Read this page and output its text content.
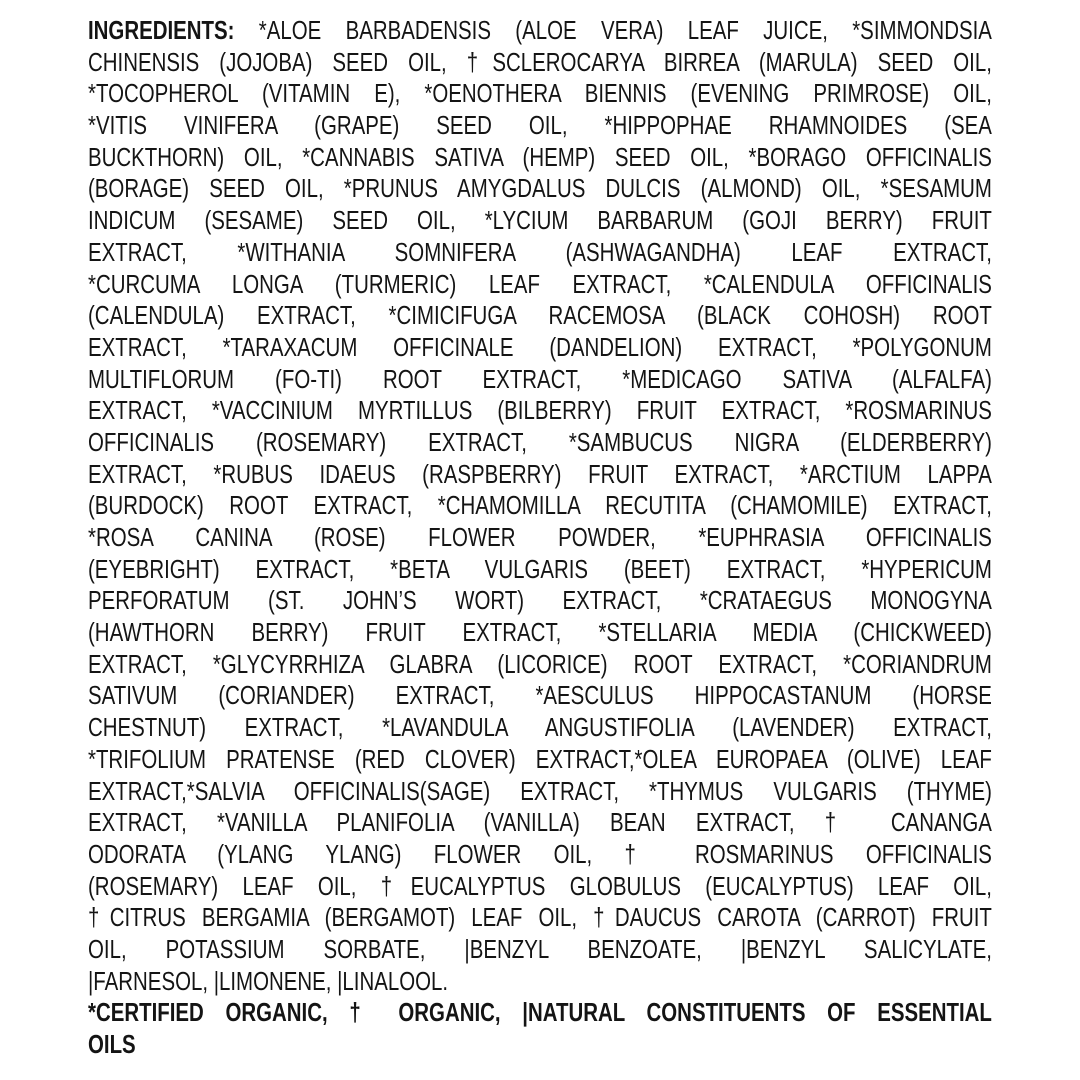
INGREDIENTS: *ALOE BARBADENSIS (ALOE VERA) LEAF JUICE, *SIMMONDSIA
CHINENSIS (JOJOBA) SEED OIL, †SCLEROCARYA BIRREA (MARULA) SEED OIL,
*TOCOPHEROL (VITAMIN E), *OENOTHERA BIENNIS (EVENING PRIMROSE) OIL,
*VITIS VINIFERA (GRAPE) SEED OIL, *HIPPOPHAE RHAMNOIDES (SEA
BUCKTHORN) OIL, *CANNABIS SATIVA (HEMP) SEED OIL, *BORAGO OFFICINALIS
(BORAGE) SEED OIL, *PRUNUS AMYGDALUS DULCIS (ALMOND) OIL, *SESAMUM
INDICUM (SESAME) SEED OIL, *LYCIUM BARBARUM (GOJI BERRY) FRUIT
EXTRACT, *WITHANIA SOMNIFERA (ASHWAGANDHA) LEAF EXTRACT,
*CURCUMA LONGA (TURMERIC) LEAF EXTRACT, *CALENDULA OFFICINALIS
(CALENDULA) EXTRACT, *CIMICIFUGA RACEMOSA (BLACK COHOSH) ROOT
EXTRACT, *TARAXACUM OFFICINALE (DANDELION) EXTRACT, *POLYGONUM
MULTIFLORUM (FO-TI) ROOT EXTRACT, *MEDICAGO SATIVA (ALFALFA)
EXTRACT, *VACCINIUM MYRTILLUS (BILBERRY) FRUIT EXTRACT, *ROSMARINUS
OFFICINALIS (ROSEMARY) EXTRACT, *SAMBUCUS NIGRA (ELDERBERRY)
EXTRACT, *RUBUS IDAEUS (RASPBERRY) FRUIT EXTRACT, *ARCTIUM LAPPA
(BURDOCK) ROOT EXTRACT, *CHAMOMILLA RECUTITA (CHAMOMILE) EXTRACT,
*ROSA CANINA (ROSE) FLOWER POWDER, *EUPHRASIA OFFICINALIS
(EYEBRIGHT) EXTRACT, *BETA VULGARIS (BEET) EXTRACT, *HYPERICUM
PERFORATUM (ST. JOHN’S WORT) EXTRACT, *CRATAEGUS MONOGYNA
(HAWTHORN BERRY) FRUIT EXTRACT, *STELLARIA MEDIA (CHICKWEED)
EXTRACT, *GLYCYRRHIZA GLABRA (LICORICE) ROOT EXTRACT, *CORIANDRUM
SATIVUM (CORIANDER) EXTRACT, *AESCULUS HIPPOCASTANUM (HORSE
CHESTNUT) EXTRACT, *LAVANDULA ANGUSTIFOLIA (LAVENDER) EXTRACT,
*TRIFOLIUM PRATENSE (RED CLOVER) EXTRACT,*OLEA EUROPAEA (OLIVE) LEAF
EXTRACT,*SALVIA OFFICINALIS(SAGE) EXTRACT, *THYMUS VULGARIS (THYME)
EXTRACT, *VANILLA PLANIFOLIA (VANILLA) BEAN EXTRACT, † CANANGA
ODORATA (YLANG YLANG) FLOWER OIL, † ROSMARINUS OFFICINALIS
(ROSEMARY) LEAF OIL, †EUCALYPTUS GLOBULUS (EUCALYPTUS) LEAF OIL,
†CITRUS BERGAMIA (BERGAMOT) LEAF OIL, †DAUCUS CAROTA (CARROT) FRUIT
OIL, POTASSIUM SORBATE, |BENZYL BENZOATE, |BENZYL SALICYLATE,
|FARNESOL, |LIMONENE, |LINALOOL.
*CERTIFIED ORGANIC, † ORGANIC, |NATURAL CONSTITUENTS OF ESSENTIAL
OILS
